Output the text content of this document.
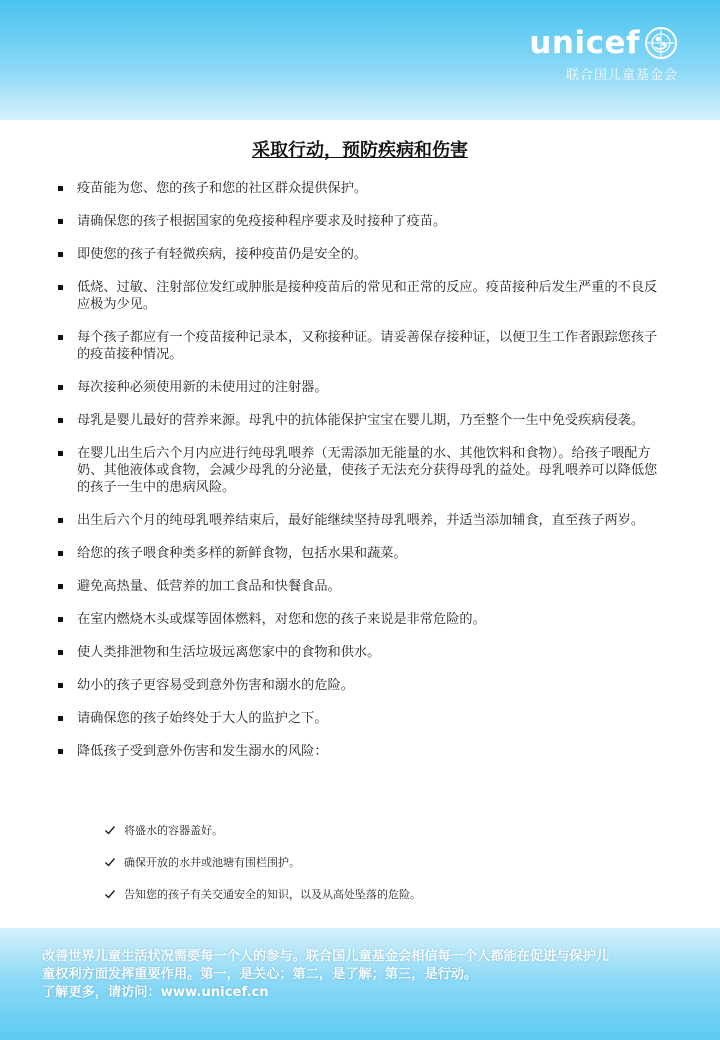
unicef
联合国儿童基金会
采取行动，预防疾病和伤害
疫苗能为您、您的孩子和您的社区群众提供保护。
请确保您的孩子根据国家的免疫接种程序要求及时接种了疫苗。
即使您的孩子有轻微疾病，接种疫苗仍是安全的。
低烧、过敏、注射部位发红或肿胀是接种疫苗后的常见和正常的反应。疫苗接种后发生严重的不良反应极为少见。
每个孩子都应有一个疫苗接种记录本，又称接种证。请妥善保存接种证，以便卫生工作者跟踪您孩子的疫苗接种情况。
每次接种必须使用新的未使用过的注射器。
母乳是婴儿最好的营养来源。母乳中的抗体能保护宝宝在婴儿期，乃至整个一生中免受疾病侵袭。
在婴儿出生后六个月内应进行纯母乳喂养（无需添加无能量的水、其他饮料和食物）。给孩子喂配方奶、其他液体或食物，会减少母乳的分泌量，使孩子无法充分获得母乳的益处。母乳喂养可以降低您的孩子一生中的患病风险。
出生后六个月的纯母乳喂养结束后，最好能继续坚持母乳喂养，并适当添加辅食，直至孩子两岁。
给您的孩子喂食种类多样的新鲜食物，包括水果和蔬菜。
避免高热量、低营养的加工食品和快餐食品。
在室内燃烧木头或煤等固体燃料，对您和您的孩子来说是非常危险的。
使人类排泄物和生活垃圾远离您家中的食物和供水。
幼小的孩子更容易受到意外伤害和溺水的危险。
请确保您的孩子始终处于大人的监护之下。
降低孩子受到意外伤害和发生溺水的风险：
将盛水的容器盖好。
确保开放的水井或池塘有围栏围护。
告知您的孩子有关交通安全的知识，以及从高处坠落的危险。
改善世界儿童生活状况需要每一个人的参与。联合国儿童基金会相信每一个人都能在促进与保护儿
童权利方面发挥重要作用。第一，是关心；第二，是了解；第三，是行动。
了解更多，请访问：www.unicef.cn
